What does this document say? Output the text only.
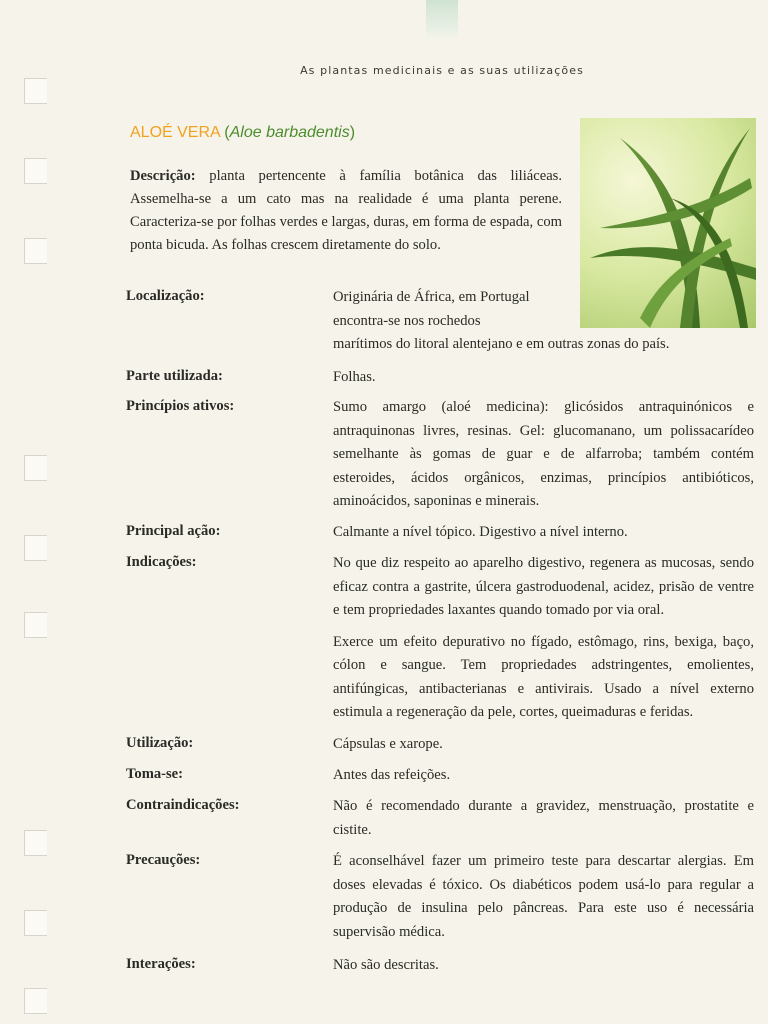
As plantas medicinais e as suas utilizações
ALOÉ VERA (Aloe barbadentis)
Descrição: planta pertencente à família botânica das liliáceas. Assemelha-se a um cato mas na realidade é uma planta perene. Caracteriza-se por folhas verdes e largas, duras, em forma de espada, com ponta bicuda. As folhas crescem diretamente do solo.
Localização:	Originária de África, em Portugal
encontra-se nos rochedos
marítimos do litoral alentejano e em outras zonas do país.
Parte utilizada:	Folhas.
Princípios ativos:	Sumo amargo (aloé medicina): glicósidos antraquinónicos e antraquinonas livres, resinas. Gel: glucomanano, um polissacarídeo semelhante às gomas de guar e de alfarroba; também contém esteroides, ácidos orgânicos, enzimas, princípios antibióticos, aminoácidos, saponinas e minerais.
Principal ação:	Calmante a nível tópico. Digestivo a nível interno.
Indicações:	No que diz respeito ao aparelho digestivo, regenera as mucosas, sendo eficaz contra a gastrite, úlcera gastroduodenal, acidez, prisão de ventre e tem propriedades laxantes quando tomado por via oral.

Exerce um efeito depurativo no fígado, estômago, rins, bexiga, baço, cólon e sangue. Tem propriedades adstringentes, emolientes, antifúngicas, antibacterianas e antivirais. Usado a nível externo estimula a regeneração da pele, cortes, queimaduras e feridas.

Utilização:	Cápsulas e xarope.
Toma-se:	Antes das refeições.
Contraindicações:	Não é recomendado durante a gravidez, menstruação, prostatite e cistite.
Precauções:	É aconselhável fazer um primeiro teste para descartar alergias. Em doses elevadas é tóxico. Os diabéticos podem usá-lo para regular a produção de insulina pelo pâncreas. Para este uso é necessária supervisão médica.
Interações:	Não são descritas.
